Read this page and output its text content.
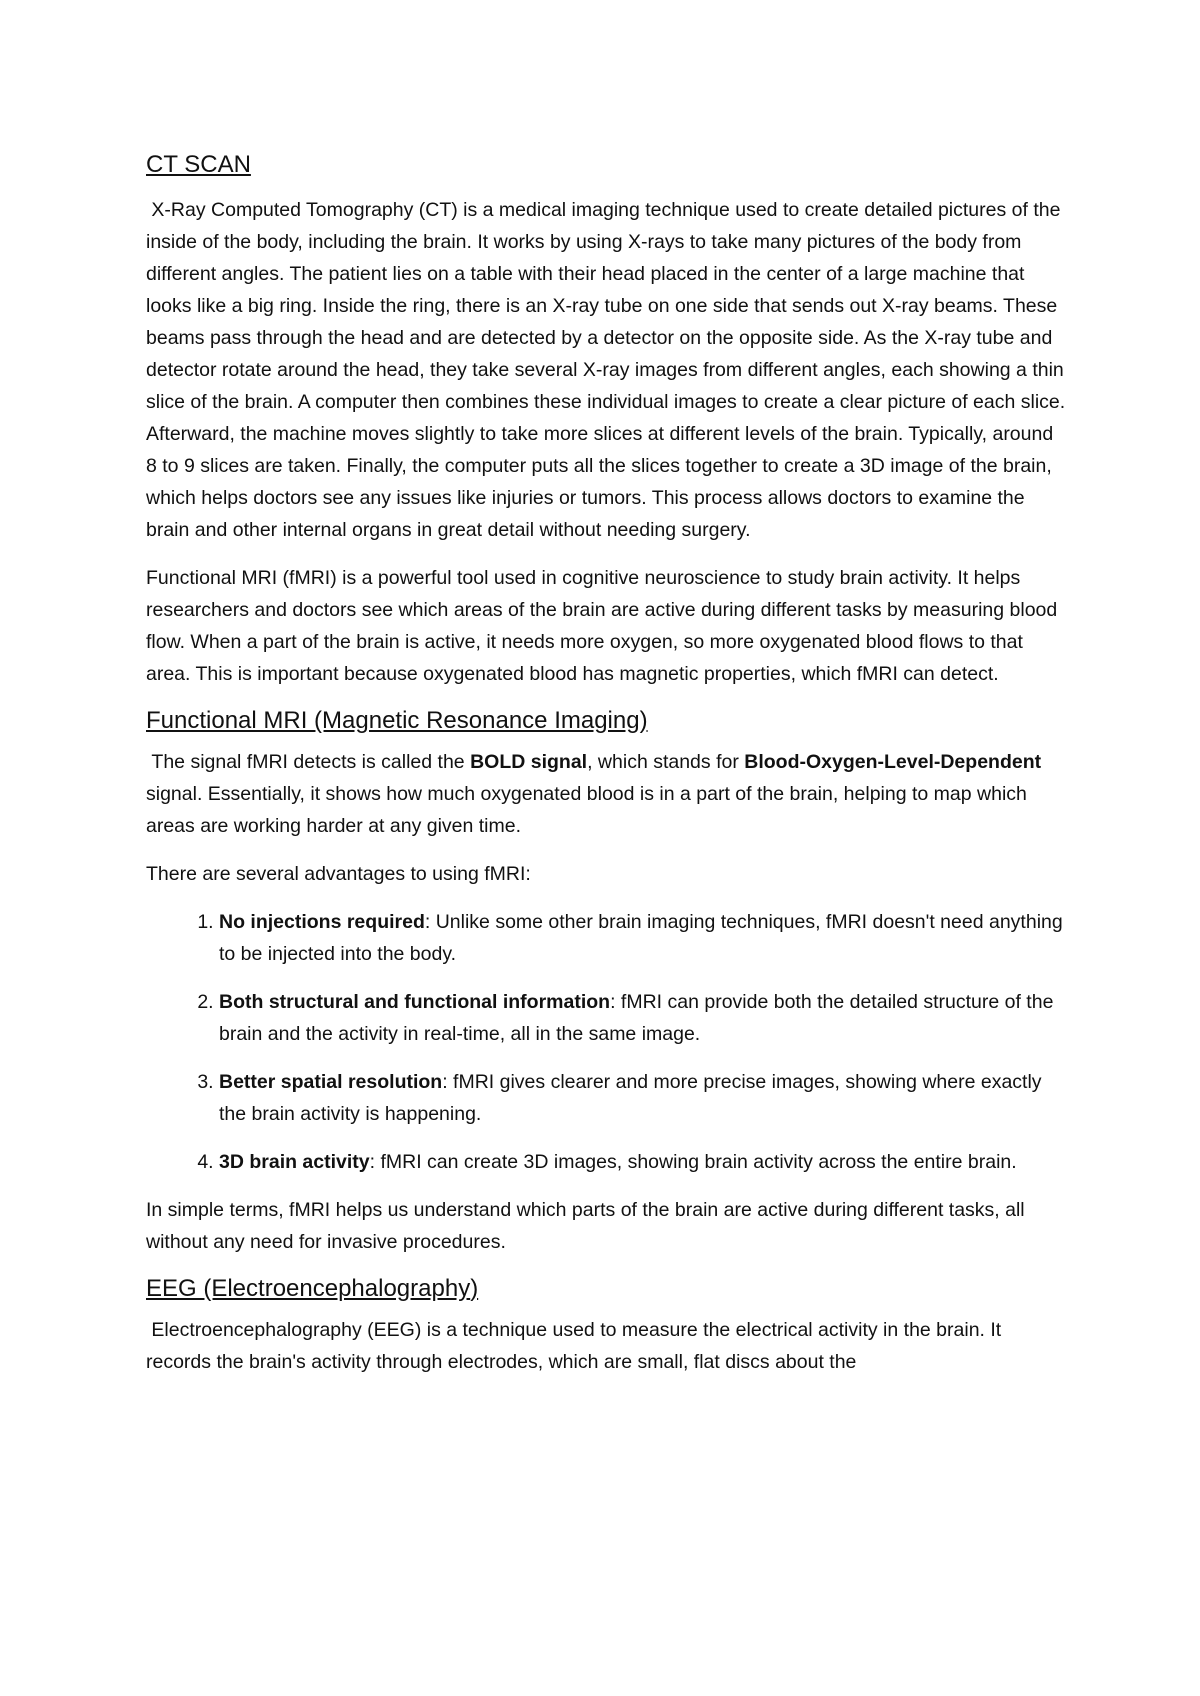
CT SCAN

X-Ray Computed Tomography (CT) is a medical imaging technique used to create detailed pictures of the inside of the body, including the brain. It works by using X-rays to take many pictures of the body from different angles. The patient lies on a table with their head placed in the center of a large machine that looks like a big ring. Inside the ring, there is an X-ray tube on one side that sends out X-ray beams. These beams pass through the head and are detected by a detector on the opposite side. As the X-ray tube and detector rotate around the head, they take several X-ray images from different angles, each showing a thin slice of the brain. A computer then combines these individual images to create a clear picture of each slice. Afterward, the machine moves slightly to take more slices at different levels of the brain. Typically, around 8 to 9 slices are taken. Finally, the computer puts all the slices together to create a 3D image of the brain, which helps doctors see any issues like injuries or tumors. This process allows doctors to examine the brain and other internal organs in great detail without needing surgery.

Functional MRI (fMRI) is a powerful tool used in cognitive neuroscience to study brain activity. It helps researchers and doctors see which areas of the brain are active during different tasks by measuring blood flow. When a part of the brain is active, it needs more oxygen, so more oxygenated blood flows to that area. This is important because oxygenated blood has magnetic properties, which fMRI can detect.

Functional MRI (Magnetic Resonance Imaging)

The signal fMRI detects is called the BOLD signal, which stands for Blood-Oxygen-Level-Dependent signal. Essentially, it shows how much oxygenated blood is in a part of the brain, helping to map which areas are working harder at any given time.

There are several advantages to using fMRI:

1. No injections required: Unlike some other brain imaging techniques, fMRI doesn't need anything to be injected into the body.
2. Both structural and functional information: fMRI can provide both the detailed structure of the brain and the activity in real-time, all in the same image.
3. Better spatial resolution: fMRI gives clearer and more precise images, showing where exactly the brain activity is happening.
4. 3D brain activity: fMRI can create 3D images, showing brain activity across the entire brain.

In simple terms, fMRI helps us understand which parts of the brain are active during different tasks, all without any need for invasive procedures.

EEG (Electroencephalography)

Electroencephalography (EEG) is a technique used to measure the electrical activity in the brain. It records the brain's activity through electrodes, which are small, flat discs about the
